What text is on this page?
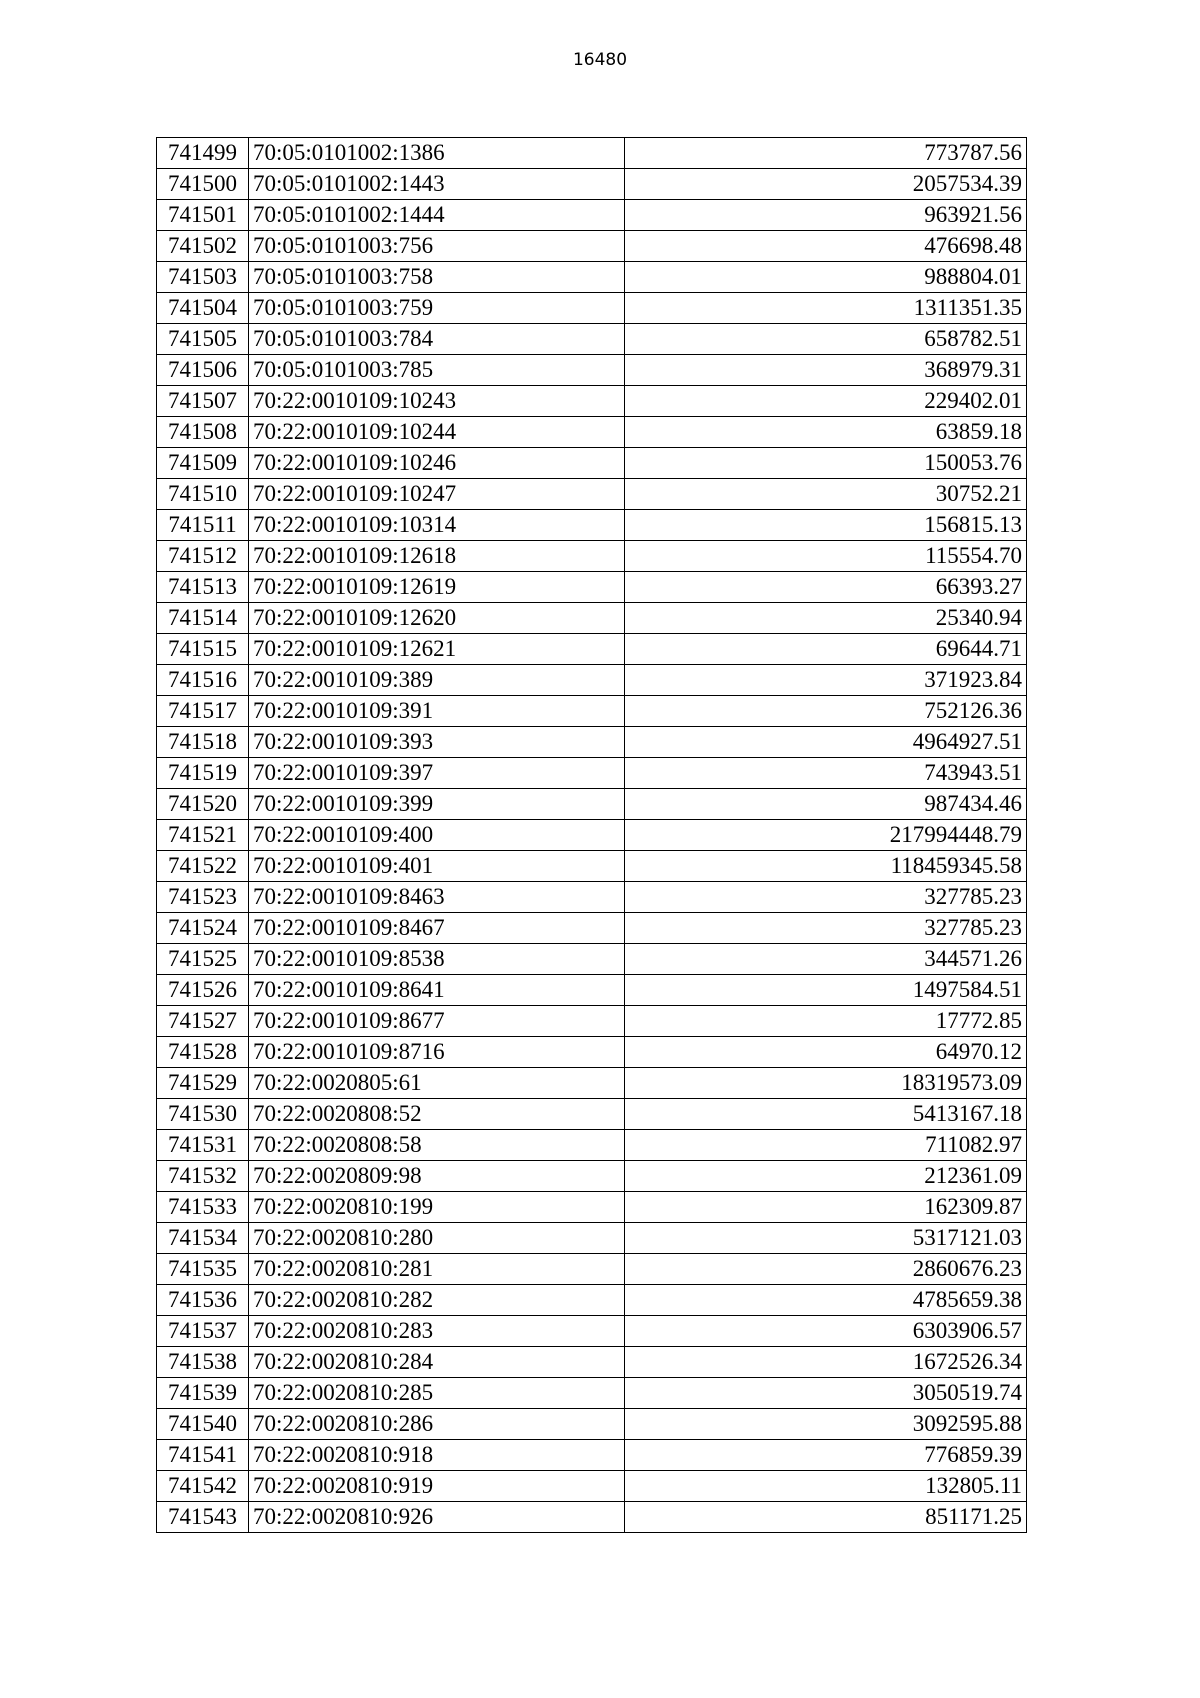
16480
741499	70:05:0101002:1386	773787.56
741500	70:05:0101002:1443	2057534.39
741501	70:05:0101002:1444	963921.56
741502	70:05:0101003:756	476698.48
741503	70:05:0101003:758	988804.01
741504	70:05:0101003:759	1311351.35
741505	70:05:0101003:784	658782.51
741506	70:05:0101003:785	368979.31
741507	70:22:0010109:10243	229402.01
741508	70:22:0010109:10244	63859.18
741509	70:22:0010109:10246	150053.76
741510	70:22:0010109:10247	30752.21
741511	70:22:0010109:10314	156815.13
741512	70:22:0010109:12618	115554.70
741513	70:22:0010109:12619	66393.27
741514	70:22:0010109:12620	25340.94
741515	70:22:0010109:12621	69644.71
741516	70:22:0010109:389	371923.84
741517	70:22:0010109:391	752126.36
741518	70:22:0010109:393	4964927.51
741519	70:22:0010109:397	743943.51
741520	70:22:0010109:399	987434.46
741521	70:22:0010109:400	217994448.79
741522	70:22:0010109:401	118459345.58
741523	70:22:0010109:8463	327785.23
741524	70:22:0010109:8467	327785.23
741525	70:22:0010109:8538	344571.26
741526	70:22:0010109:8641	1497584.51
741527	70:22:0010109:8677	17772.85
741528	70:22:0010109:8716	64970.12
741529	70:22:0020805:61	18319573.09
741530	70:22:0020808:52	5413167.18
741531	70:22:0020808:58	711082.97
741532	70:22:0020809:98	212361.09
741533	70:22:0020810:199	162309.87
741534	70:22:0020810:280	5317121.03
741535	70:22:0020810:281	2860676.23
741536	70:22:0020810:282	4785659.38
741537	70:22:0020810:283	6303906.57
741538	70:22:0020810:284	1672526.34
741539	70:22:0020810:285	3050519.74
741540	70:22:0020810:286	3092595.88
741541	70:22:0020810:918	776859.39
741542	70:22:0020810:919	132805.11
741543	70:22:0020810:926	851171.25
